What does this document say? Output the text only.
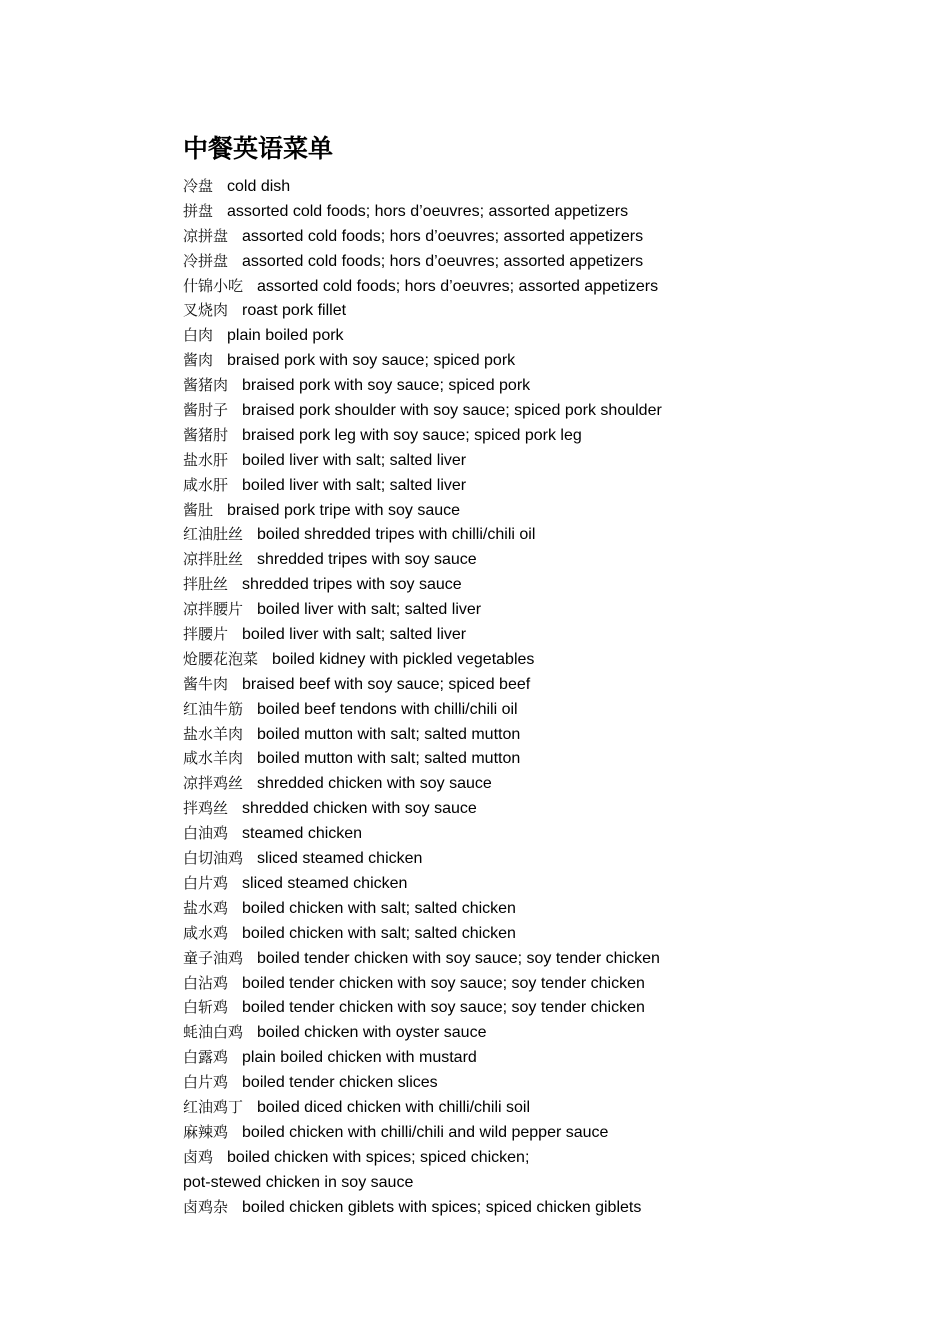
中餐英语菜单
冷盘 cold dish
拼盘 assorted cold foods; hors d’oeuvres; assorted appetizers
凉拼盘 assorted cold foods; hors d’oeuvres; assorted appetizers
冷拼盘 assorted cold foods; hors d’oeuvres; assorted appetizers
什锦小吃 assorted cold foods; hors d’oeuvres; assorted appetizers
叉烧肉 roast pork fillet
白肉 plain boiled pork
酱肉 braised pork with soy sauce; spiced pork
酱猪肉 braised pork with soy sauce; spiced pork
酱肘子 braised pork shoulder with soy sauce; spiced pork shoulder
酱猪肘 braised pork leg with soy sauce; spiced pork leg
盐水肝 boiled liver with salt; salted liver
咸水肝 boiled liver with salt; salted liver
酱肚 braised pork tripe with soy sauce
红油肚丝 boiled shredded tripes with chilli/chili oil
凉拌肚丝 shredded tripes with soy sauce
拌肚丝 shredded tripes with soy sauce
凉拌腰片 boiled liver with salt; salted liver
拌腰片 boiled liver with salt; salted liver
炝腰花泡菜 boiled kidney with pickled vegetables
酱牛肉 braised beef with soy sauce; spiced beef
红油牛筋 boiled beef tendons with chilli/chili oil
盐水羊肉 boiled mutton with salt; salted mutton
咸水羊肉 boiled mutton with salt; salted mutton
凉拌鸡丝 shredded chicken with soy sauce
拌鸡丝 shredded chicken with soy sauce
白油鸡 steamed chicken
白切油鸡 sliced steamed chicken
白片鸡 sliced steamed chicken
盐水鸡 boiled chicken with salt; salted chicken
咸水鸡 boiled chicken with salt; salted chicken
童子油鸡 boiled tender chicken with soy sauce; soy tender chicken
白沾鸡 boiled tender chicken with soy sauce; soy tender chicken
白斩鸡 boiled tender chicken with soy sauce; soy tender chicken
蚝油白鸡 boiled chicken with oyster sauce
白露鸡 plain boiled chicken with mustard
白片鸡 boiled tender chicken slices
红油鸡丁 boiled diced chicken with chilli/chili soil
麻辣鸡 boiled chicken with chilli/chili and wild pepper sauce
卤鸡 boiled chicken with spices; spiced chicken;
pot-stewed chicken in soy sauce
卤鸡杂 boiled chicken giblets with spices; spiced chicken giblets
